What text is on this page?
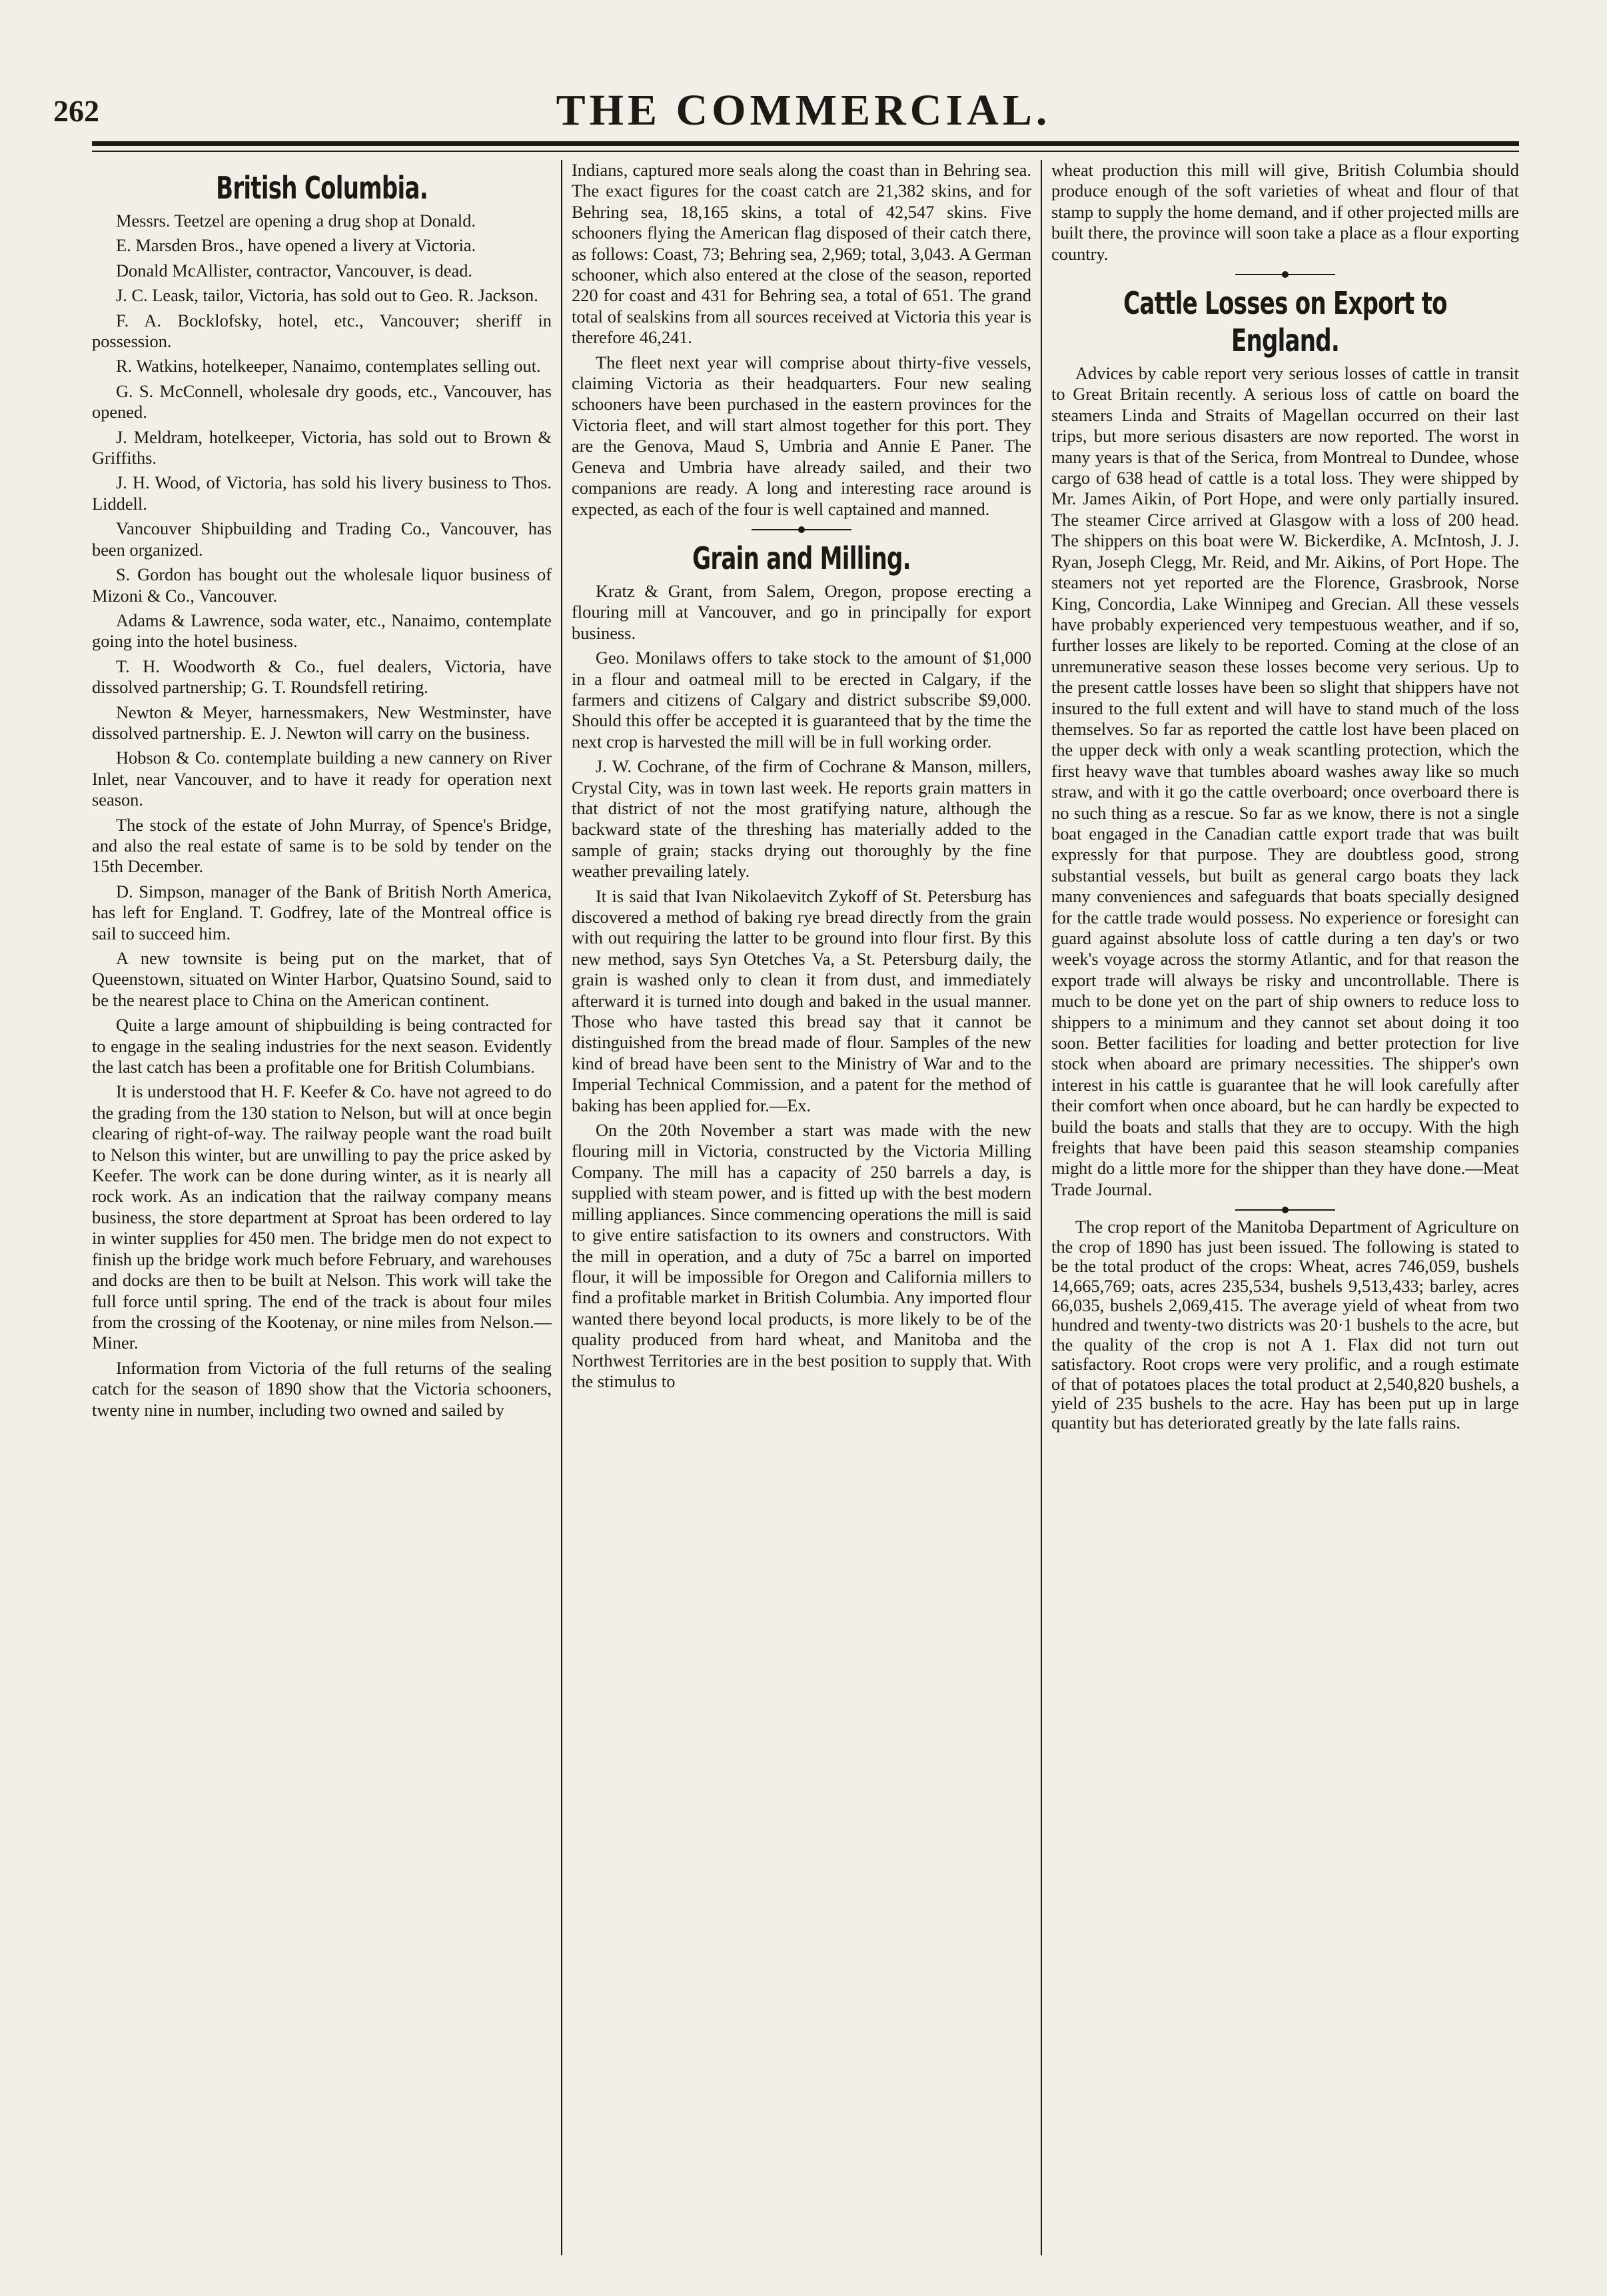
262	THE COMMERCIAL.
British Columbia.

Messrs. Teetzel are opening a drug shop at Donald.

E. Marsden Bros., have opened a livery at Victoria.

Donald McAllister, contractor, Vancouver, is dead.

J. C. Leask, tailor, Victoria, has sold out to Geo. R. Jackson.

F. A. Bocklofsky, hotel, etc., Vancouver; sheriff in possession.

R. Watkins, hotelkeeper, Nanaimo, contemplates selling out.

G. S. McConnell, wholesale dry goods, etc., Vancouver, has opened.

J. Meldram, hotelkeeper, Victoria, has sold out to Brown & Griffiths.

J. H. Wood, of Victoria, has sold his livery business to Thos. Liddell.

Vancouver Shipbuilding and Trading Co., Vancouver, has been organized.

S. Gordon has bought out the wholesale liquor business of Mizoni & Co., Vancouver.

Adams & Lawrence, soda water, etc., Nanaimo, contemplate going into the hotel business.

T. H. Woodworth & Co., fuel dealers, Victoria, have dissolved partnership; G. T. Roundsfell retiring.

Newton & Meyer, harnessmakers, New Westminster, have dissolved partnership. E. J. Newton will carry on the business.

Hobson & Co. contemplate building a new cannery on River Inlet, near Vancouver, and to have it ready for operation next season.

The stock of the estate of John Murray, of Spence's Bridge, and also the real estate of same is to be sold by tender on the 15th December.

D. Simpson, manager of the Bank of British North America, has left for England. T. Godfrey, late of the Montreal office is sail to succeed him.

A new townsite is being put on the market, that of Queenstown, situated on Winter Harbor, Quatsino Sound, said to be the nearest place to China on the American continent.

Quite a large amount of shipbuilding is being contracted for to engage in the sealing industries for the next season. Evidently the last catch has been a profitable one for British Columbians.

It is understood that H. F. Keefer & Co. have not agreed to do the grading from the 130 station to Nelson, but will at once begin clearing of right-of-way. The railway people want the road built to Nelson this winter, but are unwilling to pay the price asked by Keefer. The work can be done during winter, as it is nearly all rock work. As an indication that the railway company means business, the store department at Sproat has been ordered to lay in winter supplies for 450 men. The bridge men do not expect to finish up the bridge work much before February, and warehouses and docks are then to be built at Nelson. This work will take the full force until spring. The end of the track is about four miles from the crossing of the Kootenay, or nine miles from Nelson.—Miner.

Information from Victoria of the full returns of the sealing catch for the season of 1890 show that the Victoria schooners, twenty nine in number, including two owned and sailed by

Indians, captured more seals along the coast than in Behring sea. The exact figures for the coast catch are 21,382 skins, and for Behring sea, 18,165 skins, a total of 42,547 skins. Five schooners flying the American flag disposed of their catch there, as follows: Coast, 73; Behring sea, 2,969; total, 3,043. A German schooner, which also entered at the close of the season, reported 220 for coast and 431 for Behring sea, a total of 651. The grand total of sealskins from all sources received at Victoria this year is therefore 46,241.

The fleet next year will comprise about thirty-five vessels, claiming Victoria as their headquarters. Four new sealing schooners have been purchased in the eastern provinces for the Victoria fleet, and will start almost together for this port. They are the Genova, Maud S, Umbria and Annie E Paner. The Geneva and Umbria have already sailed, and their two companions are ready. A long and interesting race around is expected, as each of the four is well captained and manned.

Grain and Milling.

Kratz & Grant, from Salem, Oregon, propose erecting a flouring mill at Vancouver, and go in principally for export business.

Geo. Monilaws offers to take stock to the amount of $1,000 in a flour and oatmeal mill to be erected in Calgary, if the farmers and citizens of Calgary and district subscribe $9,000. Should this offer be accepted it is guaranteed that by the time the next crop is harvested the mill will be in full working order.

J. W. Cochrane, of the firm of Cochrane & Manson, millers, Crystal City, was in town last week. He reports grain matters in that district of not the most gratifying nature, although the backward state of the threshing has materially added to the sample of grain; stacks drying out thoroughly by the fine weather prevailing lately.

It is said that Ivan Nikolaevitch Zykoff of St. Petersburg has discovered a method of baking rye bread directly from the grain with out requiring the latter to be ground into flour first. By this new method, says Syn Otetches Va, a St. Petersburg daily, the grain is washed only to clean it from dust, and immediately afterward it is turned into dough and baked in the usual manner. Those who have tasted this bread say that it cannot be distinguished from the bread made of flour. Samples of the new kind of bread have been sent to the Ministry of War and to the Imperial Technical Commission, and a patent for the method of baking has been applied for.—Ex.

On the 20th November a start was made with the new flouring mill in Victoria, constructed by the Victoria Milling Company. The mill has a capacity of 250 barrels a day, is supplied with steam power, and is fitted up with the best modern milling appliances. Since commencing operations the mill is said to give entire satisfaction to its owners and constructors. With the mill in operation, and a duty of 75c a barrel on imported flour, it will be impossible for Oregon and California millers to find a profitable market in British Columbia. Any imported flour wanted there beyond local products, is more likely to be of the quality produced from hard wheat, and Manitoba and the Northwest Territories are in the best position to supply that. With the stimulus to

wheat production this mill will give, British Columbia should produce enough of the soft varieties of wheat and flour of that stamp to supply the home demand, and if other projected mills are built there, the province will soon take a place as a flour exporting country.

Cattle Losses on Export to England.

Advices by cable report very serious losses of cattle in transit to Great Britain recently. A serious loss of cattle on board the steamers Linda and Straits of Magellan occurred on their last trips, but more serious disasters are now reported. The worst in many years is that of the Serica, from Montreal to Dundee, whose cargo of 638 head of cattle is a total loss. They were shipped by Mr. James Aikin, of Port Hope, and were only partially insured. The steamer Circe arrived at Glasgow with a loss of 200 head. The shippers on this boat were W. Bickerdike, A. McIntosh, J. J. Ryan, Joseph Clegg, Mr. Reid, and Mr. Aikins, of Port Hope. The steamers not yet reported are the Florence, Grasbrook, Norse King, Concordia, Lake Winnipeg and Grecian. All these vessels have probably experienced very tempestuous weather, and if so, further losses are likely to be reported. Coming at the close of an unremunerative season these losses become very serious. Up to the present cattle losses have been so slight that shippers have not insured to the full extent and will have to stand much of the loss themselves. So far as reported the cattle lost have been placed on the upper deck with only a weak scantling protection, which the first heavy wave that tumbles aboard washes away like so much straw, and with it go the cattle overboard; once overboard there is no such thing as a rescue. So far as we know, there is not a single boat engaged in the Canadian cattle export trade that was built expressly for that purpose. They are doubtless good, strong substantial vessels, but built as general cargo boats they lack many conveniences and safeguards that boats specially designed for the cattle trade would possess. No experience or foresight can guard against absolute loss of cattle during a ten day's or two week's voyage across the stormy Atlantic, and for that reason the export trade will always be risky and uncontrollable. There is much to be done yet on the part of ship owners to reduce loss to shippers to a minimum and they cannot set about doing it too soon. Better facilities for loading and better protection for live stock when aboard are primary necessities. The shipper's own interest in his cattle is guarantee that he will look carefully after their comfort when once aboard, but he can hardly be expected to build the boats and stalls that they are to occupy. With the high freights that have been paid this season steamship companies might do a little more for the shipper than they have done.—Meat Trade Journal.

The crop report of the Manitoba Department of Agriculture on the crop of 1890 has just been issued. The following is stated to be the total product of the crops: Wheat, acres 746,059, bushels 14,665,769; oats, acres 235,534, bushels 9,513,433; barley, acres 66,035, bushels 2,069,415. The average yield of wheat from two hundred and twenty-two districts was 20·1 bushels to the acre, but the quality of the crop is not A 1. Flax did not turn out satisfactory. Root crops were very prolific, and a rough estimate of that of potatoes places the total product at 2,540,820 bushels, a yield of 235 bushels to the acre. Hay has been put up in large quantity but has deteriorated greatly by the late falls rains.
